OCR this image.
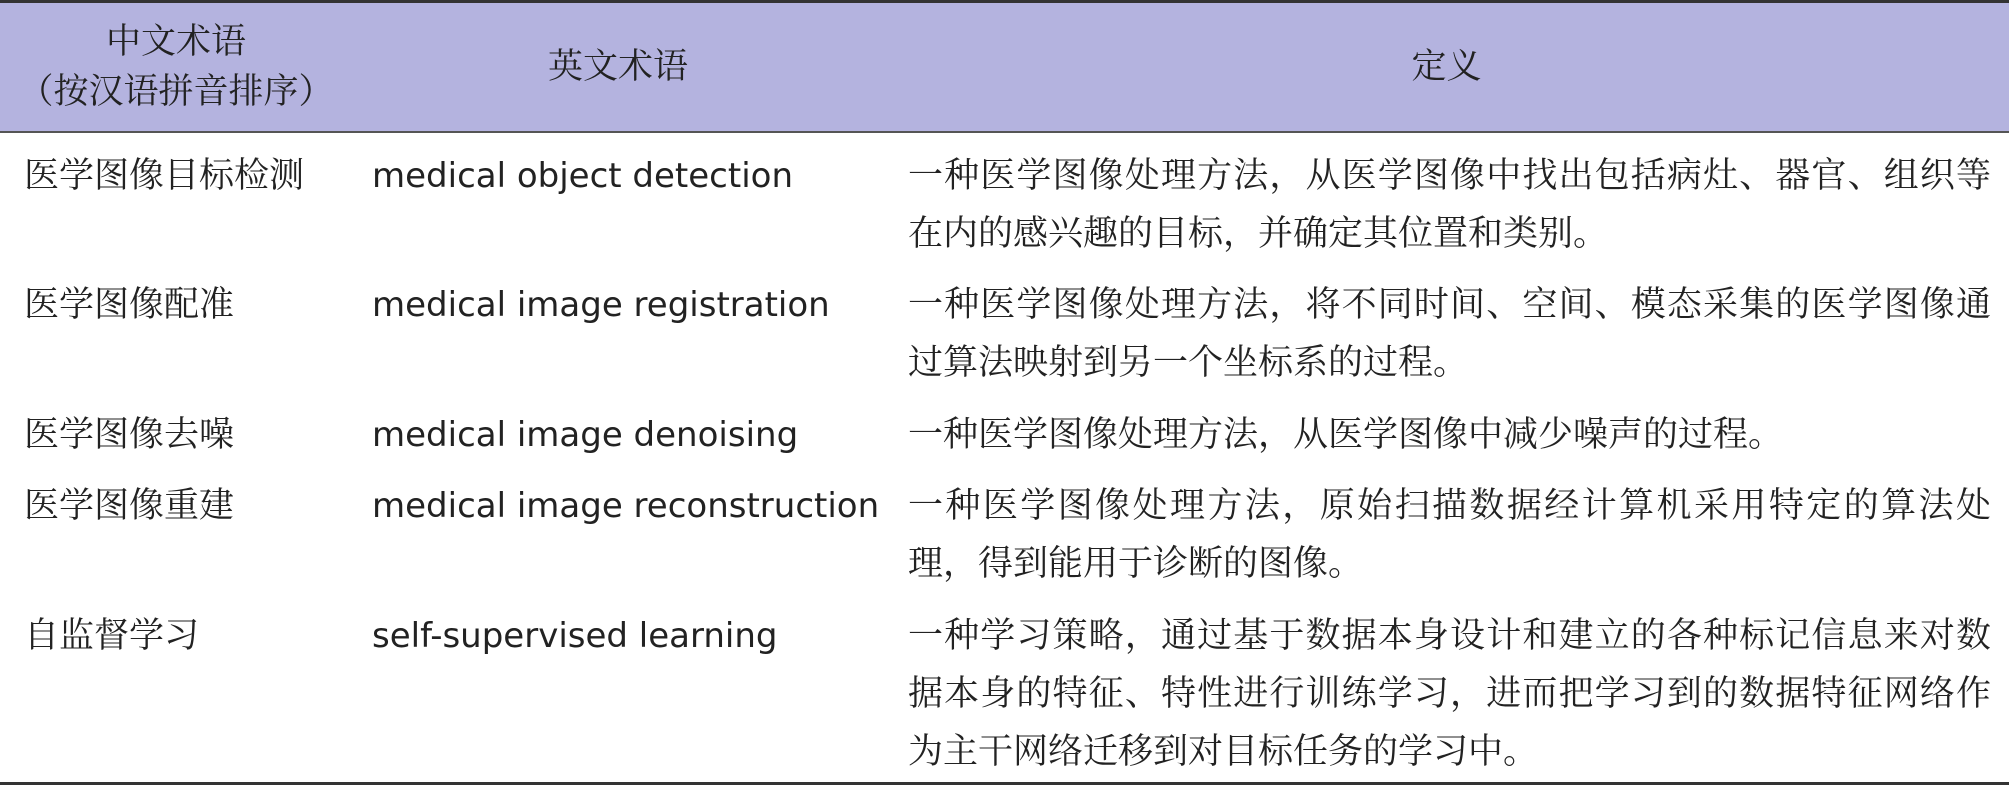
中文术语
（按汉语拼音排序）	英文术语	定义
医学图像目标检测	medical object detection	一种医学图像处理方法，从医学图像中找出包括病灶、器官、组织等在内的感兴趣的目标，并确定其位置和类别。
医学图像配准	medical image registration	一种医学图像处理方法，将不同时间、空间、模态采集的医学图像通过算法映射到另一个坐标系的过程。
医学图像去噪	medical image denoising	一种医学图像处理方法，从医学图像中减少噪声的过程。
医学图像重建	medical image reconstruction	一种医学图像处理方法，原始扫描数据经计算机采用特定的算法处理，得到能用于诊断的图像。
自监督学习	self-supervised learning	一种学习策略，通过基于数据本身设计和建立的各种标记信息来对数据本身的特征、特性进行训练学习，进而把学习到的数据特征网络作为主干网络迁移到对目标任务的学习中。
